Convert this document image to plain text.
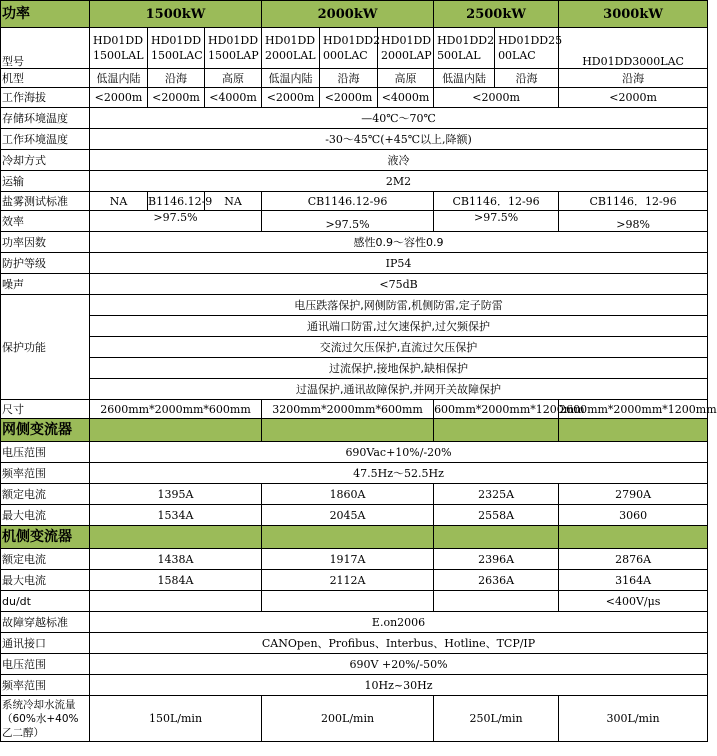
功率	1500kW			2000kW			2500kW		3000kW
型号	HD01DD 1500LAL	HD01DD 1500LAC	HD01DD 1500LAP	HD01DD 2000LAL	HD01DD2 000LAC	HD01DD 2000LAP	HD01DD2 500LAL	HD01DD25 00LAC	HD01DD3000LAC
机型	低温内陆	沿海	高原	低温内陆	沿海	高原	低温内陆	沿海	沿海
工作海拔	<2000m	<2000m	<4000m	<2000m	<2000m	<4000m	<2000m		<2000m
存储环境温度	—40℃～70℃								
工作环境温度	-30～45℃(+45℃以上,降额)								
冷却方式	液冷								
运输	2M2								
盐雾测试标准	NA	B1146.12-9	NA	CB1146.12-96			CB1146．12-96		CB1146．12-96
效率	>97.5%			>97.5%			>97.5%		>98%
功率因数	感性0.9～容性0.9								
防护等级	IP54								
噪声	<75dB								
保护功能	电压跌落保护,网侧防雷,机侧防雷,定子防雷								
	通讯端口防雷,过欠速保护,过欠频保护								
	交流过欠压保护,直流过欠压保护								
	过流保护,接地保护,缺相保护								
	过温保护,通讯故障保护,并网开关故障保护								
尺寸	2600mm*2000mm*600mm			3200mm*2000mm*600mm			600mm*2000mm*1200mm		2600mm*2000mm*1200mm
网侧变流器									
电压范围	690Vac+10%/-20%								
频率范围	47.5Hz～52.5Hz								
额定电流	1395A			1860A			2325A		2790A
最大电流	1534A			2045A			2558A		3060
机侧变流器									
额定电流	1438A			1917A			2396A		2876A
最大电流	1584A			2112A			2636A		3164A
du/dt									<400V/μs
故障穿越标准	E.on2006								
通讯接口	CANOpen、Profibus、Interbus、Hotline、TCP/IP								
电压范围	690V +20%/-50%								
频率范围	10Hz~30Hz								
系统冷却水流量（60%水+40%乙二醇）	150L/min			200L/min			250L/min		300L/min
